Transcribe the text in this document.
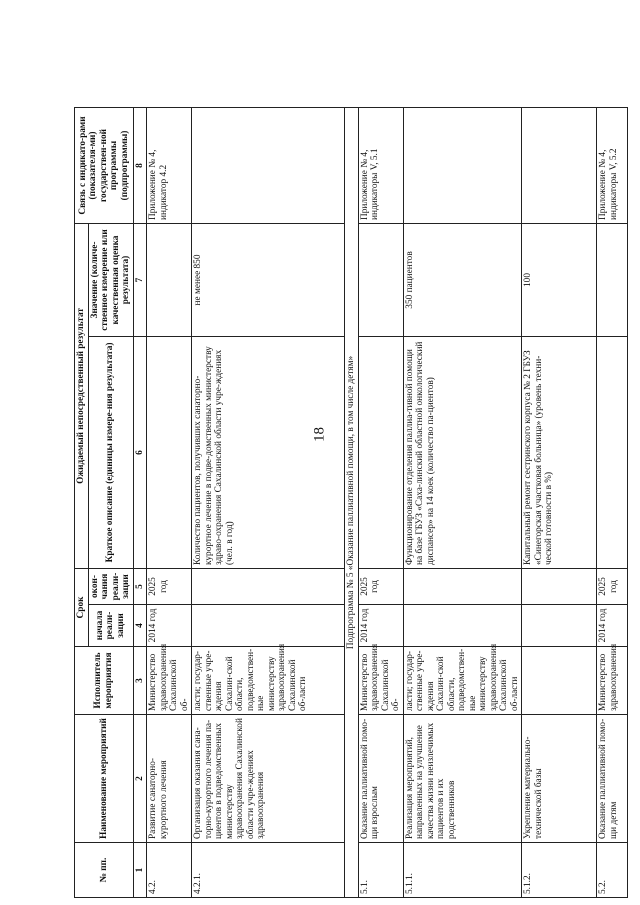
18
№ пп.	Наименование мероприятий	Исполнитель мероприятия	Срок		Ожидаемый непосредственный результат		Связь с индикато-рами (показателя-ми) государствен-ной программы (подпрограммы)
			начала реали-зации	окон-чания реали-зации	Краткое описание (единицы измере-ния результата)	Значение (количе-ственное измерение или качественная оценка результата)	
1	2	3	4	5	6	7	8
4.2.	Развитие санаторно-курортного лечения	Министерство здравоохранения Сахалинской об-	2014 год	2025 год			Приложение № 4, индикатор 4.2
4.2.1.	Организация оказания сана-торно-курортного лечения па-циентов в подведомственных министерству здравоохранения Сахалинской области учре-ждениях здравоохранения	ласти; государ-ственные учре-ждения Сахалин-ской области, подведомствен-ные министерству здравоохранения Сахалинской об-ласти			Количество пациентов, получивших санаторно-курортное лечение в подве-домственных министерству здраво-охранения Сахалинской области учре-ждениях (чел. в год)	не менее 850	
Подпрограмма № 5 «Оказание паллиативной помощи, в том числе детям»							
5.1.	Оказание паллиативной помо-щи взрослым	Министерство здравоохранения Сахалинской об-	2014 год	2025 год			Приложение № 4, индикаторы V, 5.1
5.1.1.	Реализация мероприятий, направленных на улучшение качества жизни неизлечимых пациентов и их родственников	ласти; государ-ственные учре-ждения Сахалин-ской области, подведомствен-ные министерству здравоохранения Сахалинской об-ласти			Функционирование отделения паллиа-тивной помощи на базе ГБУЗ «Саха-линский областной онкологический диспансер» на 14 коек (количество па-циентов)	350 пациентов	
5.1.2.	Укрепление материально-технической базы				Капитальный ремонт сестринского корпуса № 2 ГБУЗ «Синегорская участковая больница» (уровень техни-ческой готовности в %)	100	
5.2.	Оказание паллиативной помо-щи детям	Министерство здравоохранения	2014 год	2025 год			Приложение № 4, индикаторы V, 5.2
